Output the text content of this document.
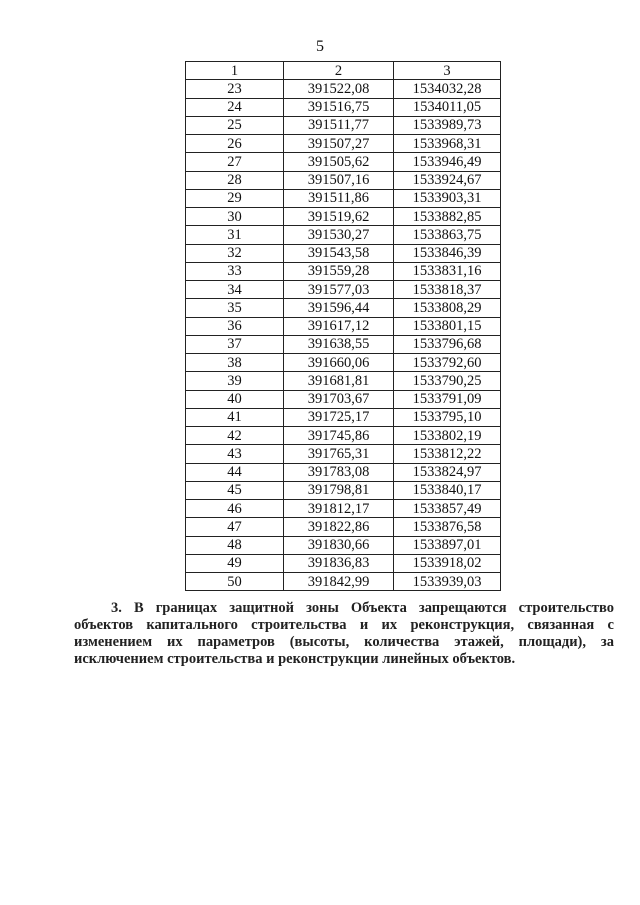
5
1	2	3
23	391522,08	1534032,28
24	391516,75	1534011,05
25	391511,77	1533989,73
26	391507,27	1533968,31
27	391505,62	1533946,49
28	391507,16	1533924,67
29	391511,86	1533903,31
30	391519,62	1533882,85
31	391530,27	1533863,75
32	391543,58	1533846,39
33	391559,28	1533831,16
34	391577,03	1533818,37
35	391596,44	1533808,29
36	391617,12	1533801,15
37	391638,55	1533796,68
38	391660,06	1533792,60
39	391681,81	1533790,25
40	391703,67	1533791,09
41	391725,17	1533795,10
42	391745,86	1533802,19
43	391765,31	1533812,22
44	391783,08	1533824,97
45	391798,81	1533840,17
46	391812,17	1533857,49
47	391822,86	1533876,58
48	391830,66	1533897,01
49	391836,83	1533918,02
50	391842,99	1533939,03

3. В границах защитной зоны Объекта запрещаются строительство объектов капитального строительства и их реконструкция, связанная с изменением их параметров (высоты, количества этажей, площади), за исключением строительства и реконструкции линейных объектов.
